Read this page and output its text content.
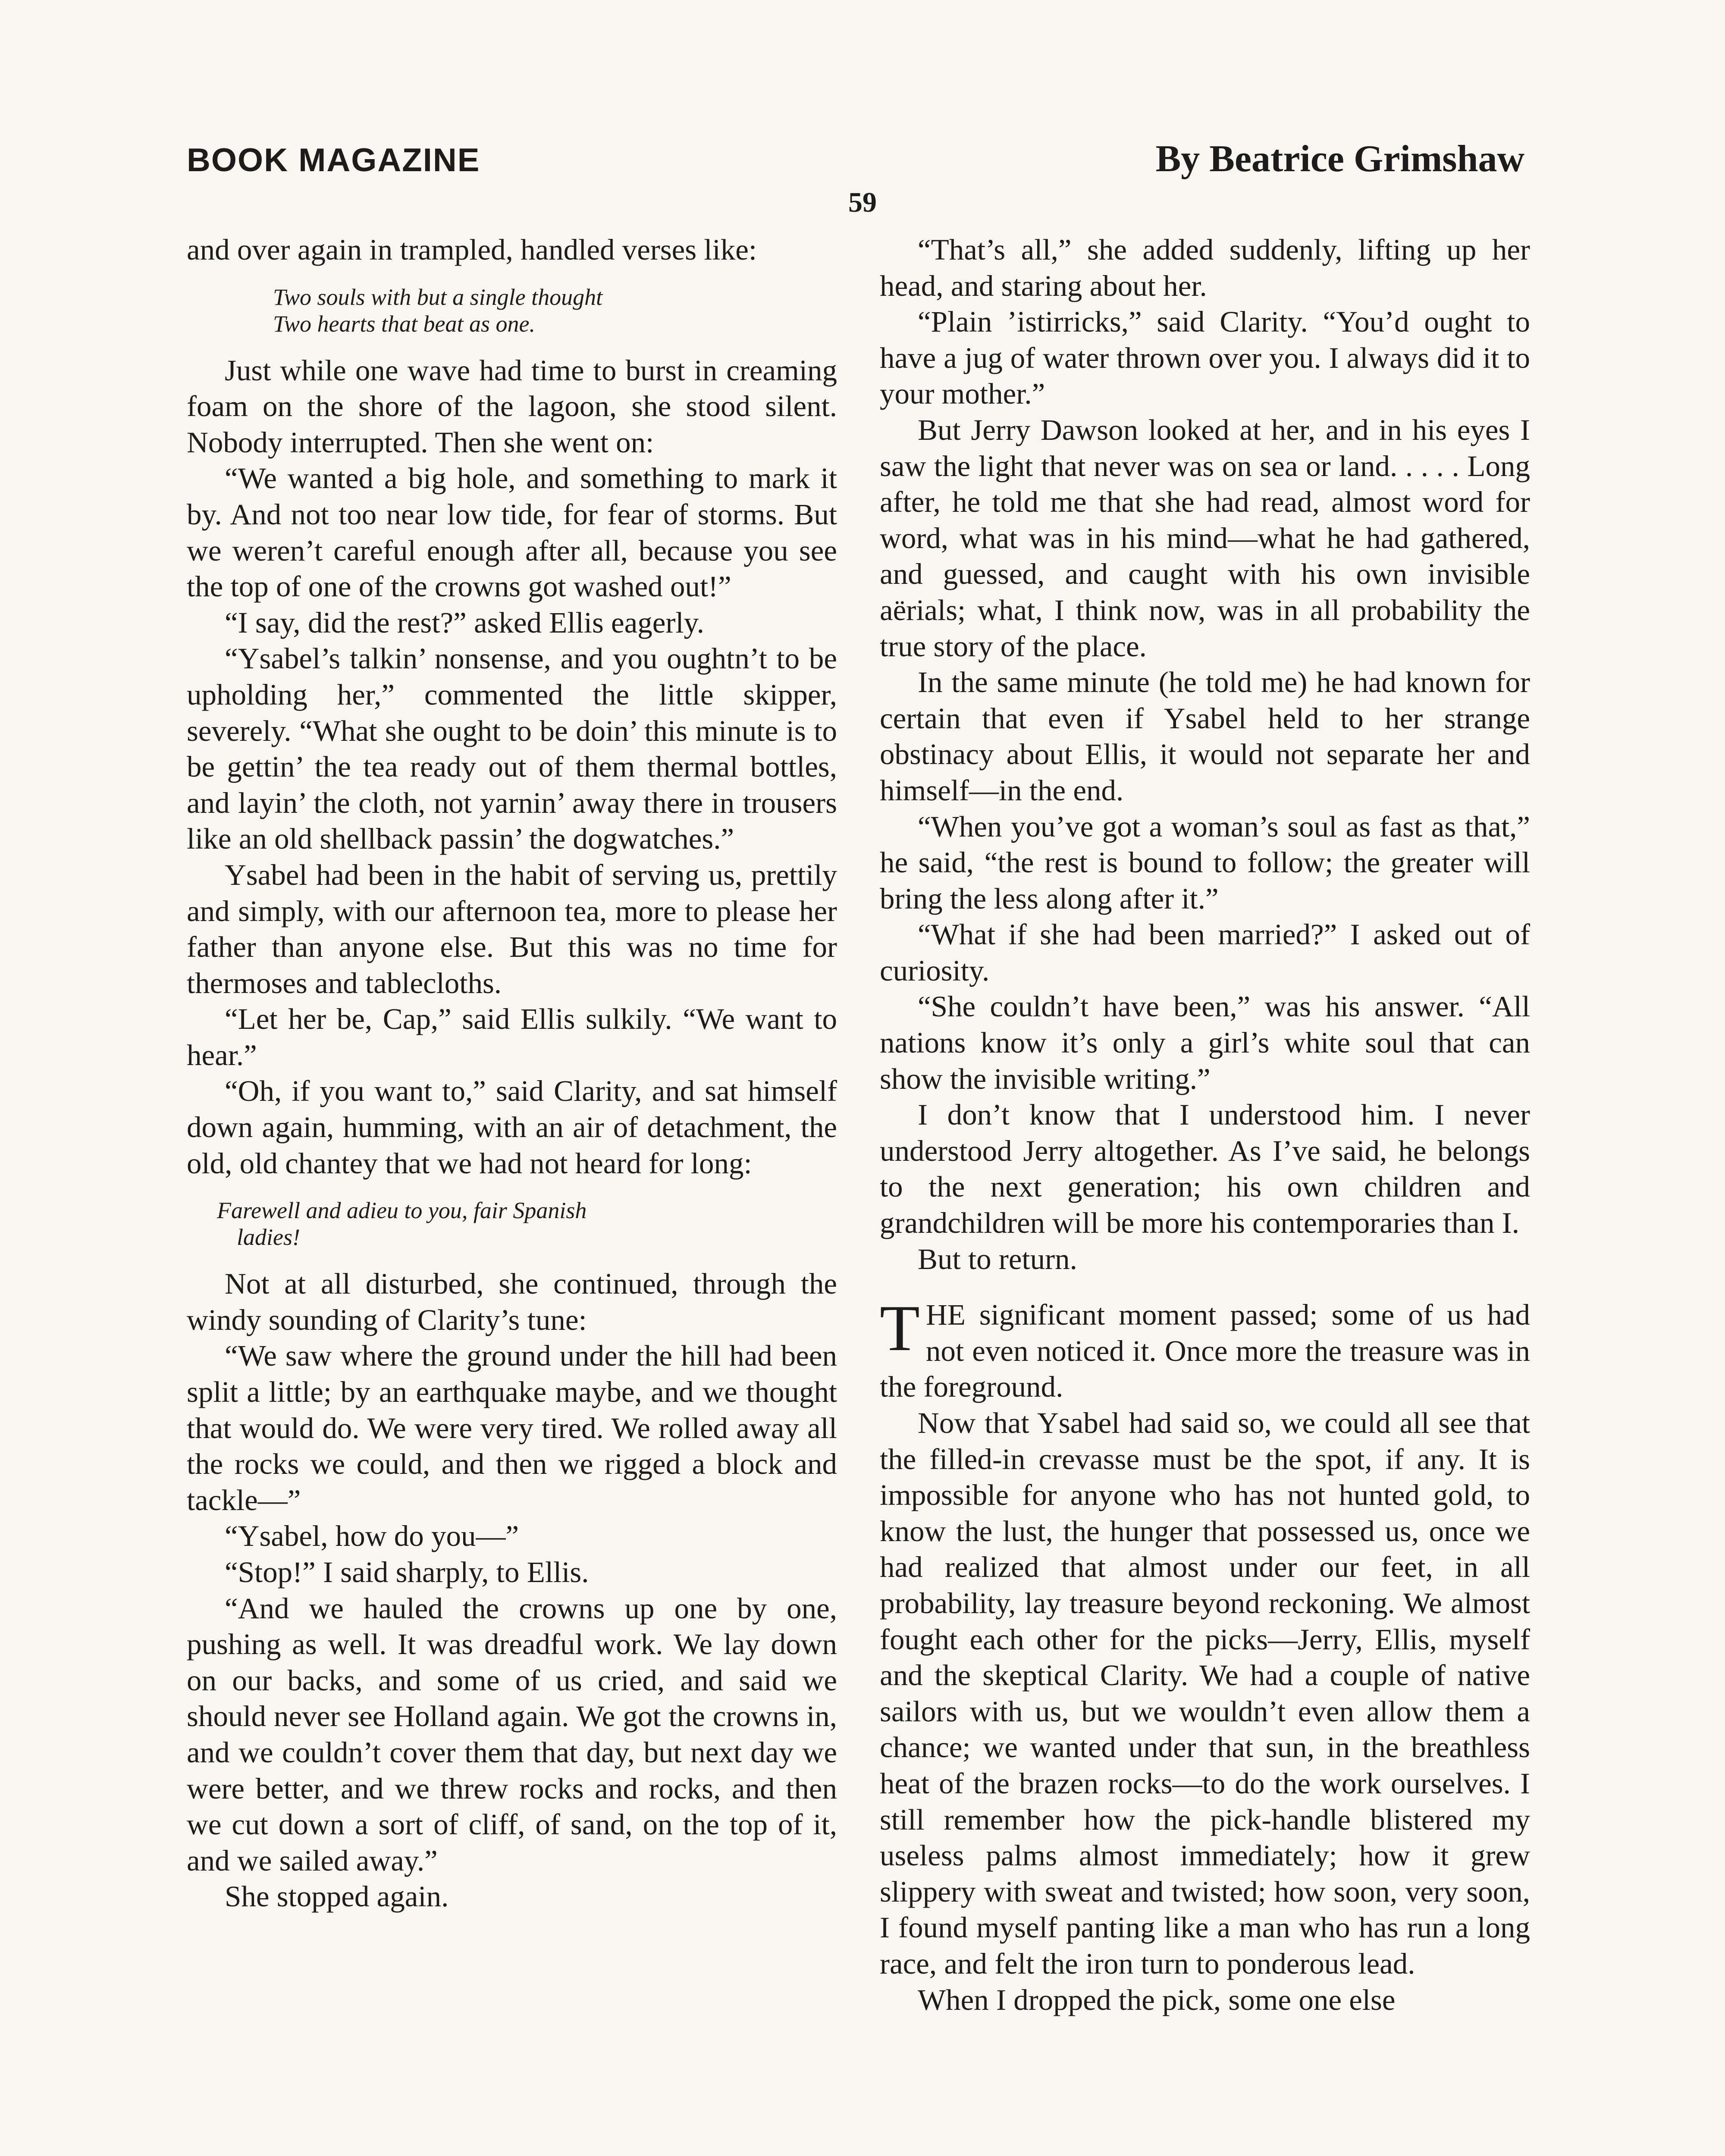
BOOK MAGAZINE	By Beatrice Grimshaw
59

and over again in trampled, handled verses like:

Two souls with but a single thought
Two hearts that beat as one.

Just while one wave had time to burst in creaming foam on the shore of the lagoon, she stood silent. Nobody interrupted. Then she went on:

“We wanted a big hole, and something to mark it by. And not too near low tide, for fear of storms. But we weren’t careful enough after all, because you see the top of one of the crowns got washed out!”

“I say, did the rest?” asked Ellis eagerly.

“Ysabel’s talkin’ nonsense, and you oughtn’t to be upholding her,” commented the little skipper, severely. “What she ought to be doin’ this minute is to be gettin’ the tea ready out of them thermal bottles, and layin’ the cloth, not yarnin’ away there in trousers like an old shellback passin’ the dogwatches.”

Ysabel had been in the habit of serving us, prettily and simply, with our afternoon tea, more to please her father than anyone else. But this was no time for thermoses and tablecloths.

“Let her be, Cap,” said Ellis sulkily. “We want to hear.”

“Oh, if you want to,” said Clarity, and sat himself down again, humming, with an air of detachment, the old, old chantey that we had not heard for long:

Farewell and adieu to you, fair Spanish
ladies!

Not at all disturbed, she continued, through the windy sounding of Clarity’s tune:

“We saw where the ground under the hill had been split a little; by an earthquake maybe, and we thought that would do. We were very tired. We rolled away all the rocks we could, and then we rigged a block and tackle—”

“Ysabel, how do you—”

“Stop!” I said sharply, to Ellis.

“And we hauled the crowns up one by one, pushing as well. It was dreadful work. We lay down on our backs, and some of us cried, and said we should never see Holland again. We got the crowns in, and we couldn’t cover them that day, but next day we were better, and we threw rocks and rocks, and then we cut down a sort of cliff, of sand, on the top of it, and we sailed away.”

She stopped again.

“That’s all,” she added suddenly, lifting up her head, and staring about her.

“Plain ’istirricks,” said Clarity. “You’d ought to have a jug of water thrown over you. I always did it to your mother.”

But Jerry Dawson looked at her, and in his eyes I saw the light that never was on sea or land. . . . . Long after, he told me that she had read, almost word for word, what was in his mind—what he had gathered, and guessed, and caught with his own invisible aërials; what, I think now, was in all probability the true story of the place.

In the same minute (he told me) he had known for certain that even if Ysabel held to her strange obstinacy about Ellis, it would not separate her and himself—in the end.

“When you’ve got a woman’s soul as fast as that,” he said, “the rest is bound to follow; the greater will bring the less along after it.”

“What if she had been married?” I asked out of curiosity.

“She couldn’t have been,” was his answer. “All nations know it’s only a girl’s white soul that can show the invisible writing.”

I don’t know that I understood him. I never understood Jerry altogether. As I’ve said, he belongs to the next generation; his own children and grandchildren will be more his contemporaries than I.

But to return.

THE significant moment passed; some of us had not even noticed it. Once more the treasure was in the foreground.

Now that Ysabel had said so, we could all see that the filled-in crevasse must be the spot, if any. It is impossible for anyone who has not hunted gold, to know the lust, the hunger that possessed us, once we had realized that almost under our feet, in all probability, lay treasure beyond reckoning. We almost fought each other for the picks—Jerry, Ellis, myself and the skeptical Clarity. We had a couple of native sailors with us, but we wouldn’t even allow them a chance; we wanted under that sun, in the breathless heat of the brazen rocks—to do the work ourselves. I still remember how the pick-handle blistered my useless palms almost immediately; how it grew slippery with sweat and twisted; how soon, very soon, I found myself panting like a man who has run a long race, and felt the iron turn to ponderous lead.

When I dropped the pick, some one else
